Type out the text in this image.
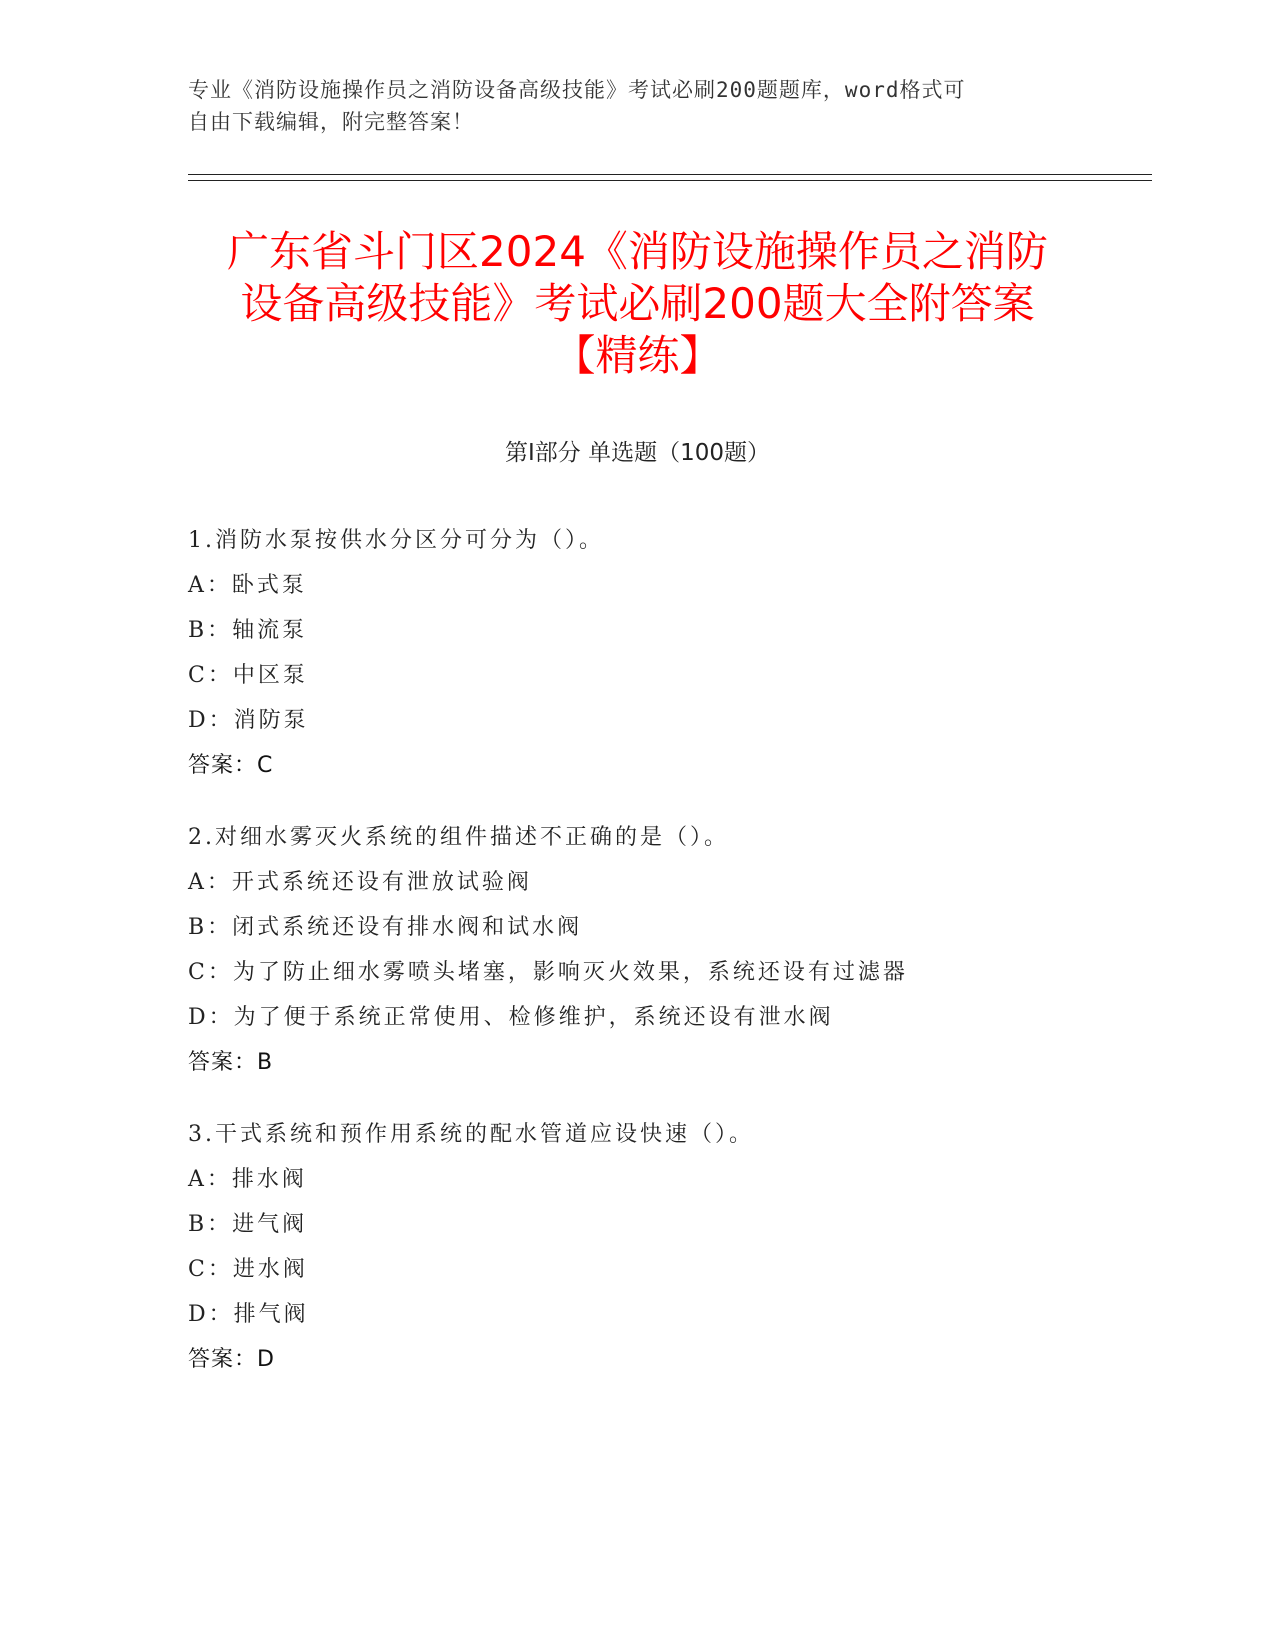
专业《消防设施操作员之消防设备高级技能》考试必刷200题题库，word格式可
自由下载编辑，附完整答案！
广东省斗门区2024《消防设施操作员之消防
设备高级技能》考试必刷200题大全附答案
【精练】
第Ⅰ部分 单选题（100题）
1.消防水泵按供水分区分可分为（）。
A：卧式泵
B：轴流泵
C：中区泵
D：消防泵
答案：C
2.对细水雾灭火系统的组件描述不正确的是（）。
A：开式系统还设有泄放试验阀
B：闭式系统还设有排水阀和试水阀
C：为了防止细水雾喷头堵塞，影响灭火效果，系统还设有过滤器
D：为了便于系统正常使用、检修维护，系统还设有泄水阀
答案：B
3.干式系统和预作用系统的配水管道应设快速（）。
A：排水阀
B：进气阀
C：进水阀
D：排气阀
答案：D
